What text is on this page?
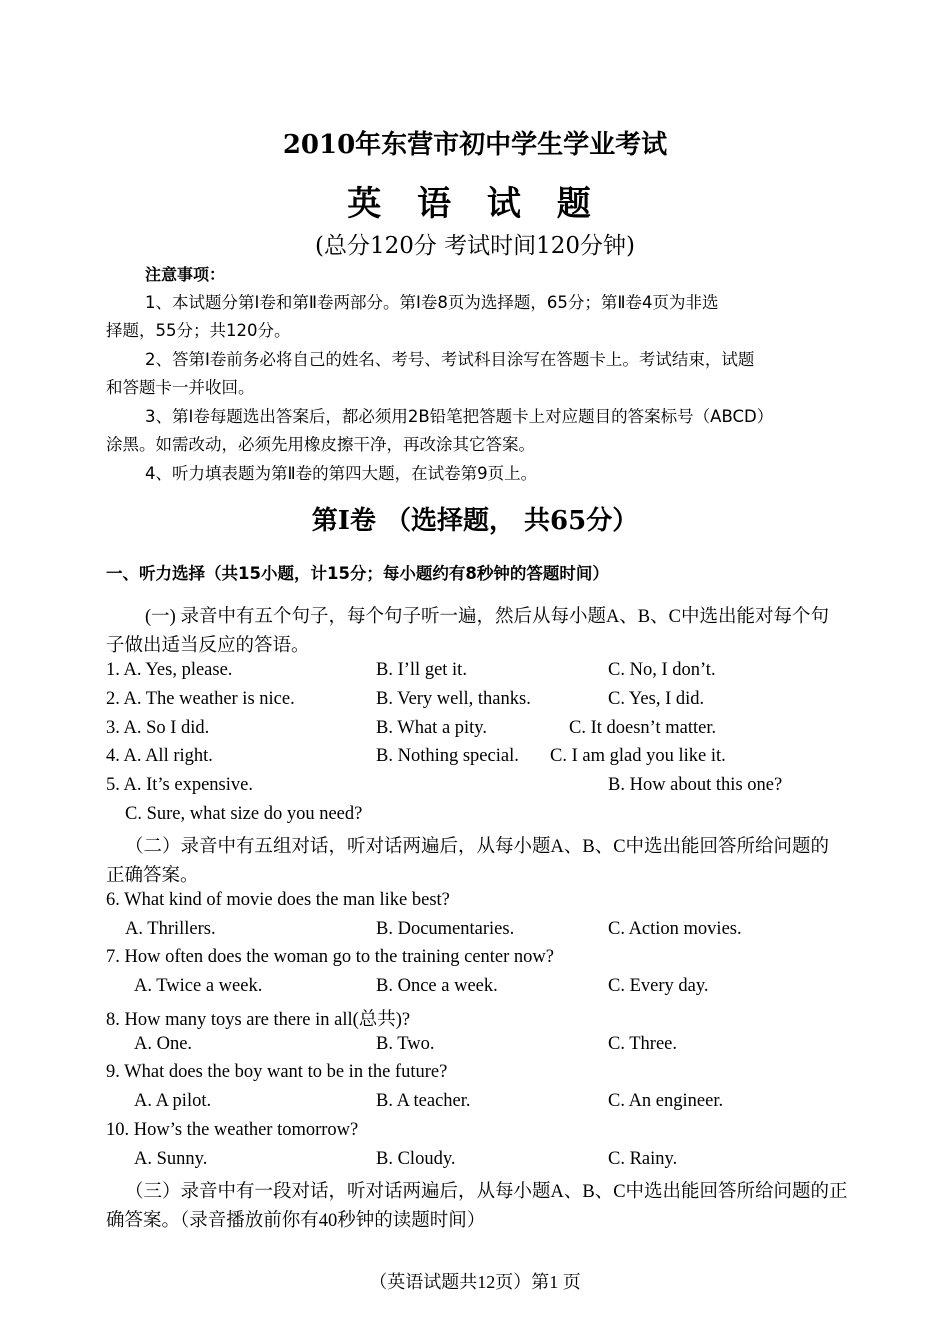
2010年东营市初中学生学业考试
英 语 试 题
(总分120分 考试时间120分钟)
注意事项：
1、本试题分第Ⅰ卷和第Ⅱ卷两部分。第Ⅰ卷8页为选择题，65分；第Ⅱ卷4页为非选
择题，55分；共120分。
2、答第Ⅰ卷前务必将自己的姓名、考号、考试科目涂写在答题卡上。考试结束，试题
和答题卡一并收回。
3、第Ⅰ卷每题选出答案后，都必须用2B铅笔把答题卡上对应题目的答案标号（ABCD）
涂黑。如需改动，必须先用橡皮擦干净，再改涂其它答案。
4、听力填表题为第Ⅱ卷的第四大题，在试卷第9页上。
第Ⅰ卷 （选择题， 共65分）
一、听力选择（共15小题，计15分；每小题约有8秒钟的答题时间）
(一) 录音中有五个句子，每个句子听一遍，然后从每小题A、B、C中选出能对每个句
子做出适当反应的答语。
1. A. Yes, please.	B. I’ll get it.	C. No, I don’t.
2. A. The weather is nice.	B. Very well, thanks.	C. Yes, I did.
3. A. So I did.	B. What a pity.	C. It doesn’t matter.
4. A. All right.	B. Nothing special. C. I am glad you like it.
5. A. It’s expensive.	B. How about this one?
C. Sure, what size do you need?
（二）录音中有五组对话，听对话两遍后，从每小题A、B、C中选出能回答所给问题的
正确答案。
6. What kind of movie does the man like best?
A. Thrillers.	B. Documentaries.	C. Action movies.
7. How often does the woman go to the training center now?
A. Twice a week.	B. Once a week.	C. Every day.
8. How many toys are there in all(总共)?
A. One.	B. Two.	C. Three.
9. What does the boy want to be in the future?
A. A pilot.	B. A teacher.	C. An engineer.
10. How’s the weather tomorrow?
A. Sunny.	B. Cloudy.	C. Rainy.
（三）录音中有一段对话，听对话两遍后，从每小题A、B、C中选出能回答所给问题的正
确答案。（录音播放前你有40秒钟的读题时间）
（英语试题共12页）第1 页
